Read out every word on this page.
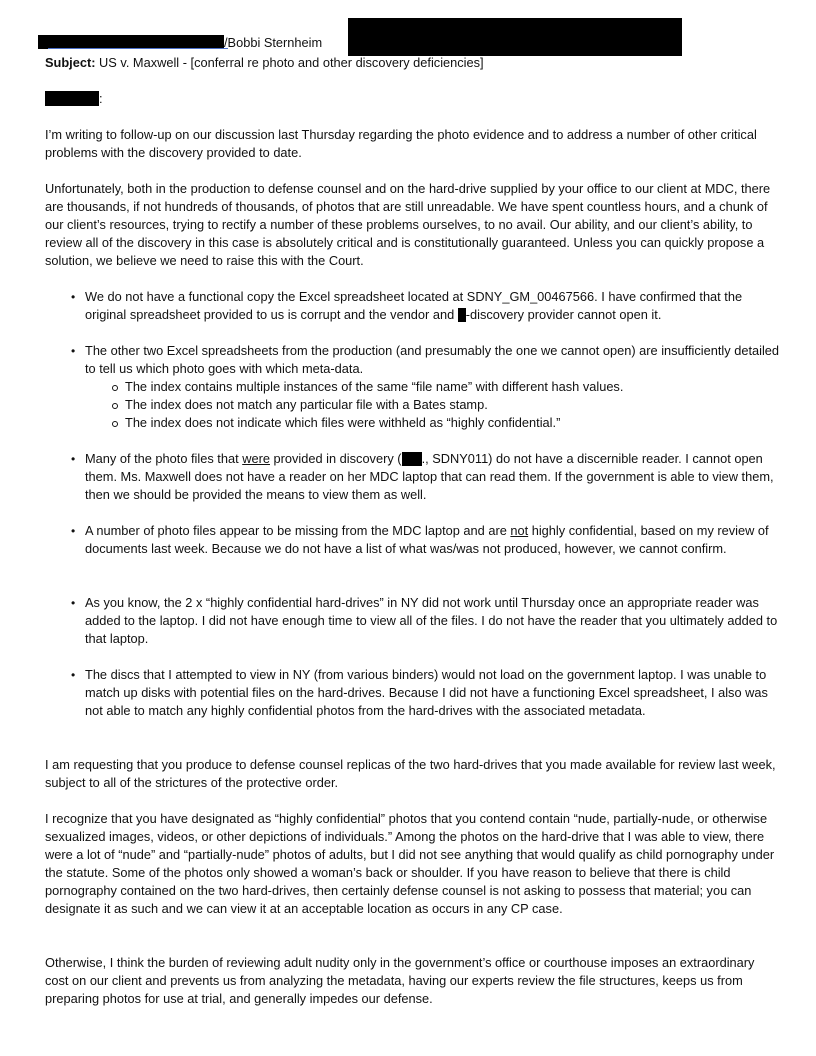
/Bobbi Sternheim
Subject: US v. Maxwell - [conferral re photo and other discovery deficiencies]
:

I’m writing to follow-up on our discussion last Thursday regarding the photo evidence and to address a number of other critical problems with the discovery provided to date.

Unfortunately, both in the production to defense counsel and on the hard-drive supplied by your office to our client at MDC, there are thousands, if not hundreds of thousands, of photos that are still unreadable. We have spent countless hours, and a chunk of our client’s resources, trying to rectify a number of these problems ourselves, to no avail. Our ability, and our client’s ability, to review all of the discovery in this case is absolutely critical and is constitutionally guaranteed. Unless you can quickly propose a solution, we believe we need to raise this with the Court.

• We do not have a functional copy the Excel spreadsheet located at SDNY_GM_00467566. I have confirmed that the original spreadsheet provided to us is corrupt and the vendor and -discovery provider cannot open it.
• The other two Excel spreadsheets from the production (and presumably the one we cannot open) are insufficiently detailed to tell us which photo goes with which meta-data.
The index contains multiple instances of the same “file name” with different hash values.
The index does not match any particular file with a Bates stamp.
The index does not indicate which files were withheld as “highly confidential.”
• Many of the photo files that were provided in discovery ( ., SDNY011) do not have a discernible reader. I cannot open them. Ms. Maxwell does not have a reader on her MDC laptop that can read them. If the government is able to view them, then we should be provided the means to view them as well.
• A number of photo files appear to be missing from the MDC laptop and are not highly confidential, based on my review of documents last week. Because we do not have a list of what was/was not produced, however, we cannot confirm.
• As you know, the 2 x “highly confidential hard-drives” in NY did not work until Thursday once an appropriate reader was added to the laptop. I did not have enough time to view all of the files. I do not have the reader that you ultimately added to that laptop.
• The discs that I attempted to view in NY (from various binders) would not load on the government laptop. I was unable to match up disks with potential files on the hard-drives. Because I did not have a functioning Excel spreadsheet, I also was not able to match any highly confidential photos from the hard-drives with the associated metadata.

I am requesting that you produce to defense counsel replicas of the two hard-drives that you made available for review last week, subject to all of the strictures of the protective order.

I recognize that you have designated as “highly confidential” photos that you contend contain “nude, partially-nude, or otherwise sexualized images, videos, or other depictions of individuals.” Among the photos on the hard-drive that I was able to view, there were a lot of “nude” and “partially-nude” photos of adults, but I did not see anything that would qualify as child pornography under the statute. Some of the photos only showed a woman’s back or shoulder. If you have reason to believe that there is child pornography contained on the two hard-drives, then certainly defense counsel is not asking to possess that material; you can designate it as such and we can view it at an acceptable location as occurs in any CP case.

Otherwise, I think the burden of reviewing adult nudity only in the government’s office or courthouse imposes an extraordinary cost on our client and prevents us from analyzing the metadata, having our experts review the file structures, keeps us from preparing photos for use at trial, and generally impedes our defense.
